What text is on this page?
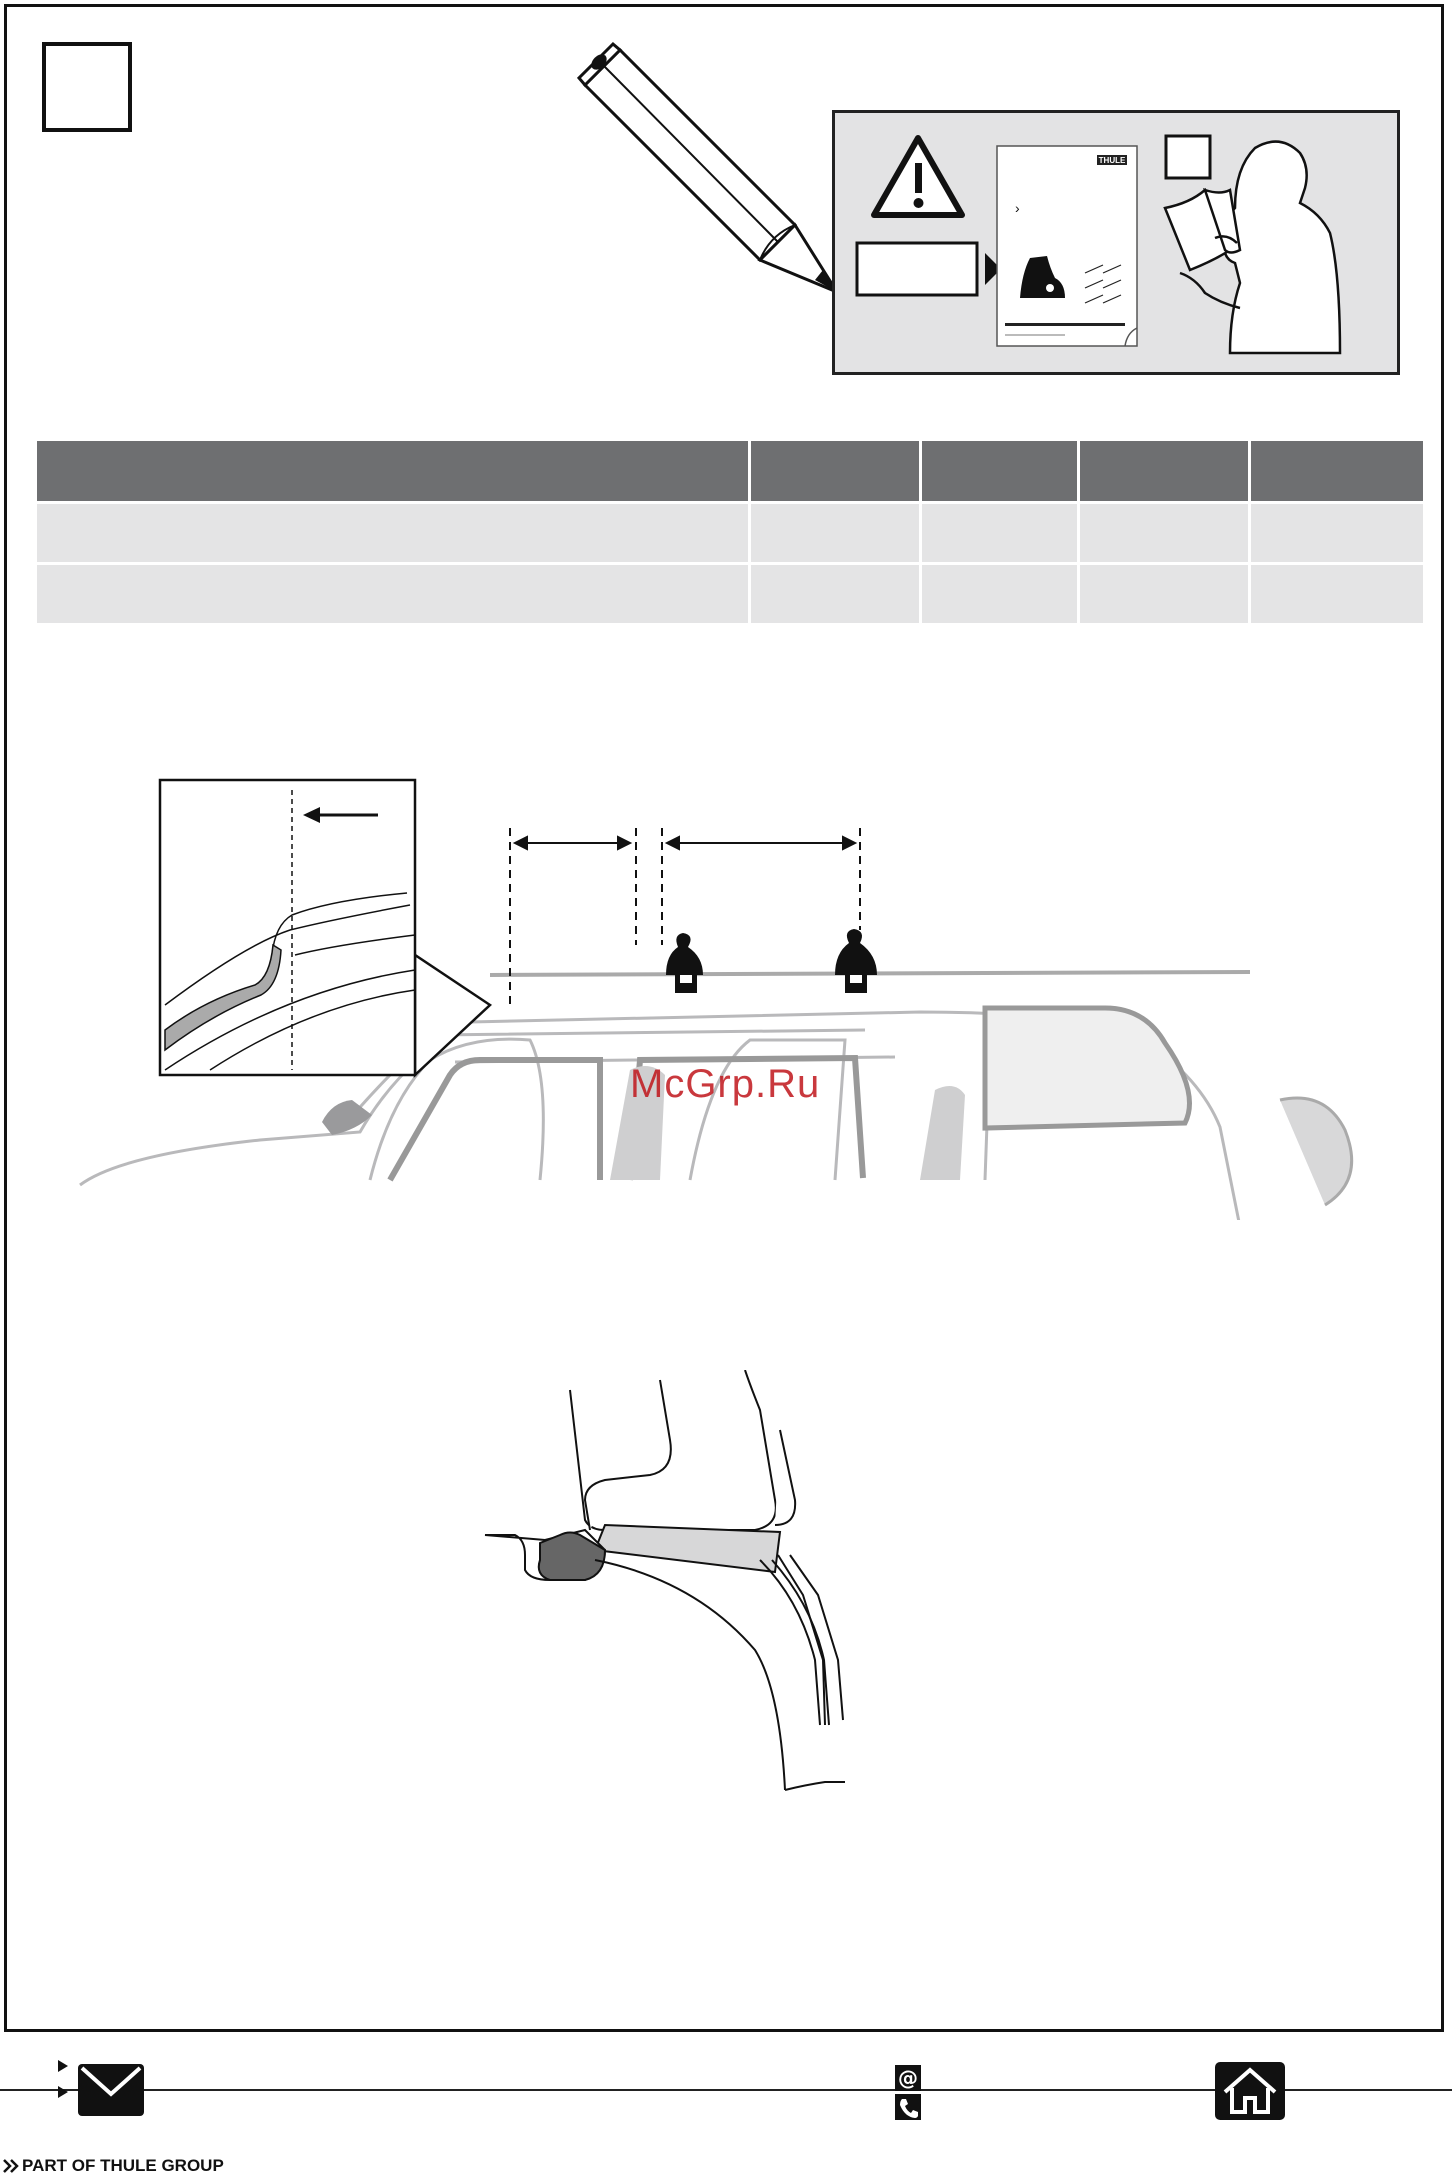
THULE
›

McGrp.Ru
@
PART OF THULE GROUP
